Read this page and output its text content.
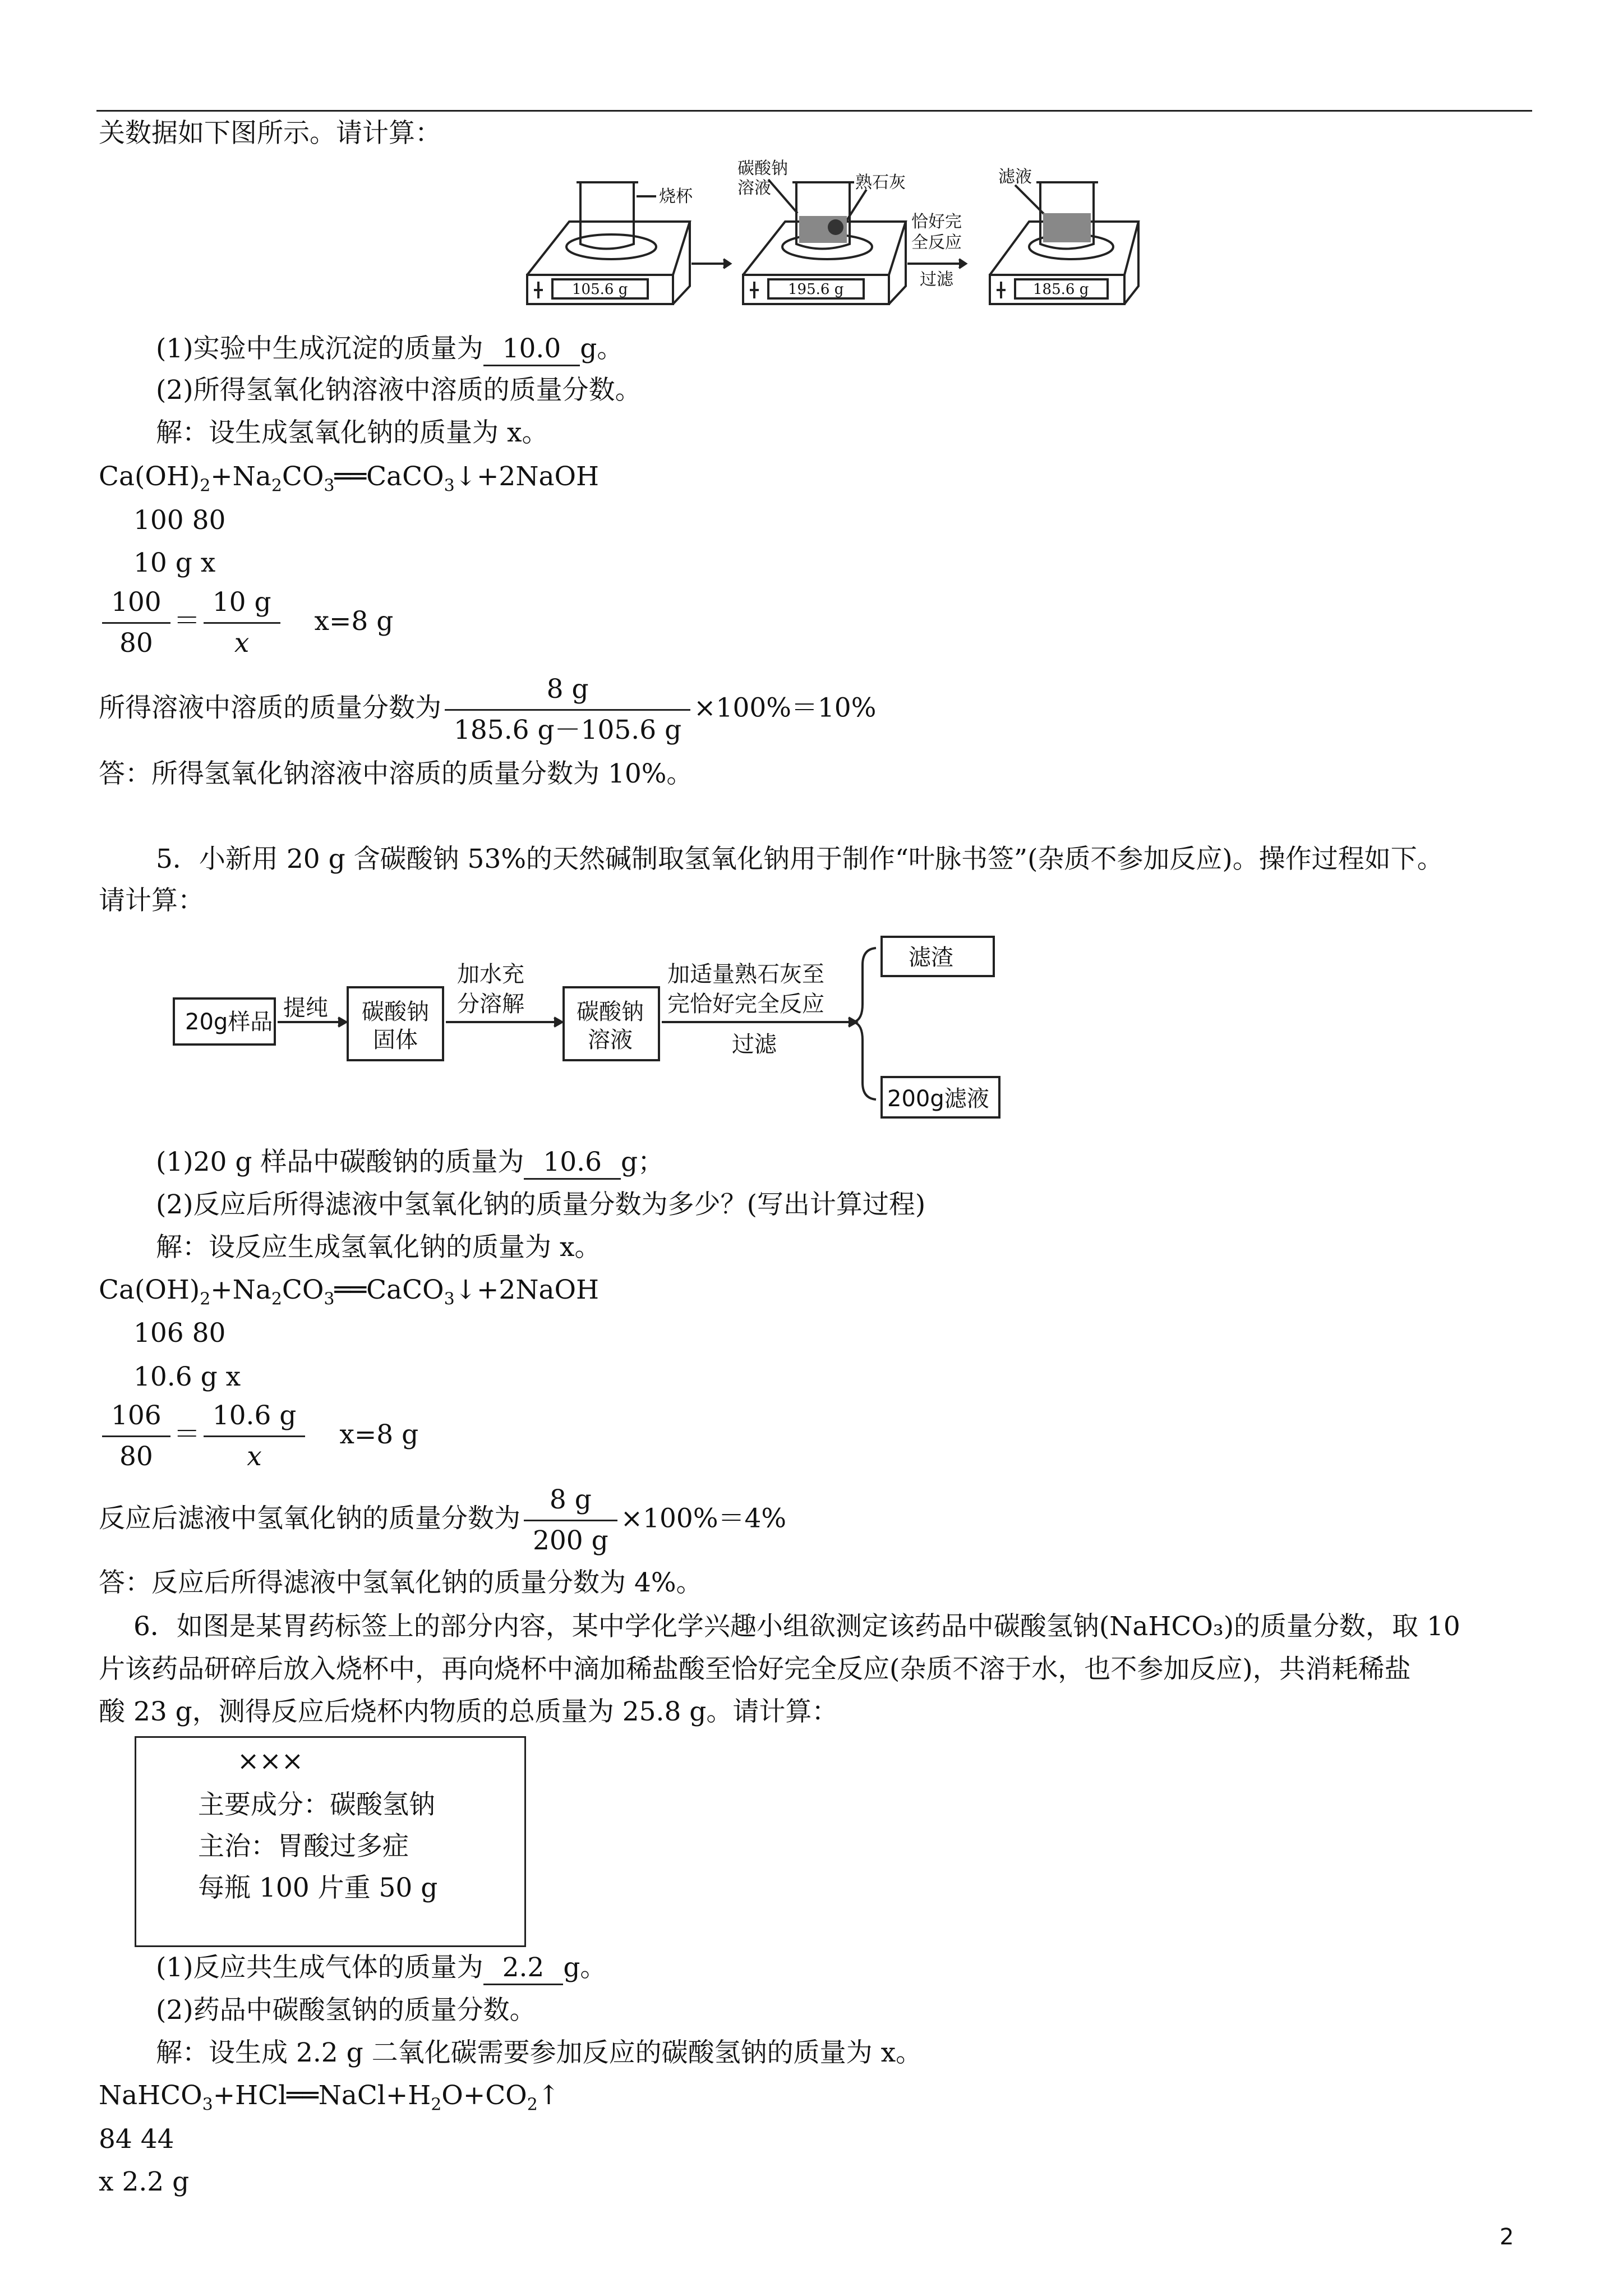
关数据如下图所示。请计算：
烧杯
碳酸钠
溶液	熟石灰	滤液
恰好完
全反应
过滤
105.6 g	195.6 g	185.6 g
(1)实验中生成沉淀的质量为 10.0 g。
(2)所得氢氧化钠溶液中溶质的质量分数。
解：设生成氢氧化钠的质量为 x。
$Ca(OH)_2+Na_2CO_3══CaCO_3↓+2NaOH$
100 80
10 g x
$\frac{100}{80} = \frac{10 g}{x} x=8$ g
所得溶液中溶质的质量分数为 $\frac{8 g}{185.6 g-105.6 g} \times 100\%=10\%$
答：所得氢氧化钠溶液中溶质的质量分数为 10%。
5．小新用 20 g 含碳酸钠 53%的天然碱制取氢氧化钠用于制作“叶脉书签”(杂质不参加反应)。操作过程如下。
请计算：
20g样品
提纯 碳酸钠
固体
加水充
分溶解 碳酸钠
溶液
加适量熟石灰至
完恰好完全反应
过滤
滤渣
200g滤液
(1)20 g 样品中碳酸钠的质量为 10.6 g；
(2)反应后所得滤液中氢氧化钠的质量分数为多少？(写出计算过程)
解：设反应生成氢氧化钠的质量为 x。
$Ca(OH)_2+Na_2CO_3══CaCO_3↓+2NaOH$
106 80
10.6 g x
$\frac{106}{80} = \frac{10.6 g}{x} x=8$ g
反应后滤液中氢氧化钠的质量分数为 $\frac{8 g}{200 g} \times 100\%=4\%$
答：反应后所得滤液中氢氧化钠的质量分数为 4%。
6．如图是某胃药标签上的部分内容，某中学化学兴趣小组欲测定该药品中碳酸氢钠(NaHCO₃)的质量分数，取 10
片该药品研碎后放入烧杯中，再向烧杯中滴加稀盐酸至恰好完全反应(杂质不溶于水，也不参加反应)，共消耗稀盐
酸 23 g，测得反应后烧杯内物质的总质量为 25.8 g。请计算：
×××
主要成分：碳酸氢钠
主治：胃酸过多症
每瓶 100 片重 50 g
(1)反应共生成气体的质量为 2.2 g。
(2)药品中碳酸氢钠的质量分数。
解：设生成 2.2 g 二氧化碳需要参加反应的碳酸氢钠的质量为 x。
$NaHCO_3+HCl══NaCl+H_2O+CO_2↑$
84 44
x 2.2 g
2
